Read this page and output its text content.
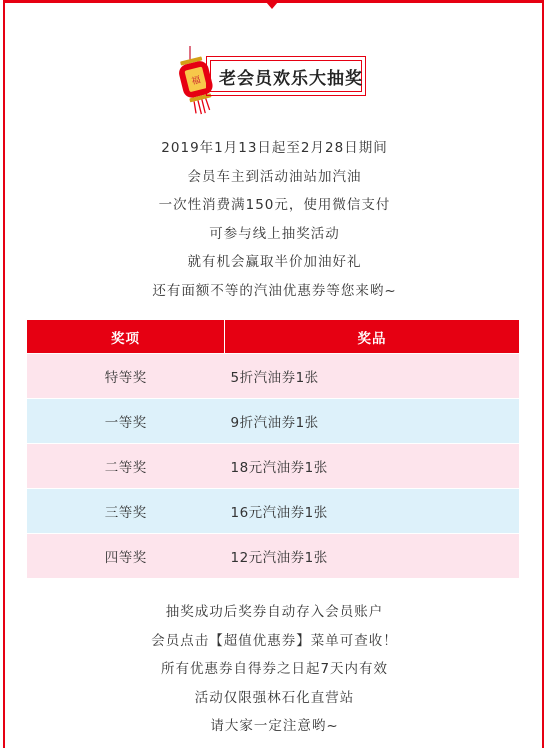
福	老会员欢乐大抽奖

2019年1月13日起至2月28日期间

会员车主到活动油站加汽油

一次性消费满150元，使用微信支付

可参与线上抽奖活动

就有机会赢取半价加油好礼

还有面额不等的汽油优惠券等您来哟~

奖项	奖品
特等奖	5折汽油券1张
一等奖	9折汽油券1张
二等奖	18元汽油券1张
三等奖	16元汽油券1张
四等奖	12元汽油券1张

抽奖成功后奖券自动存入会员账户

会员点击【超值优惠券】菜单可查收！

所有优惠券自得券之日起7天内有效

活动仅限强林石化直营站

请大家一定注意哟~
